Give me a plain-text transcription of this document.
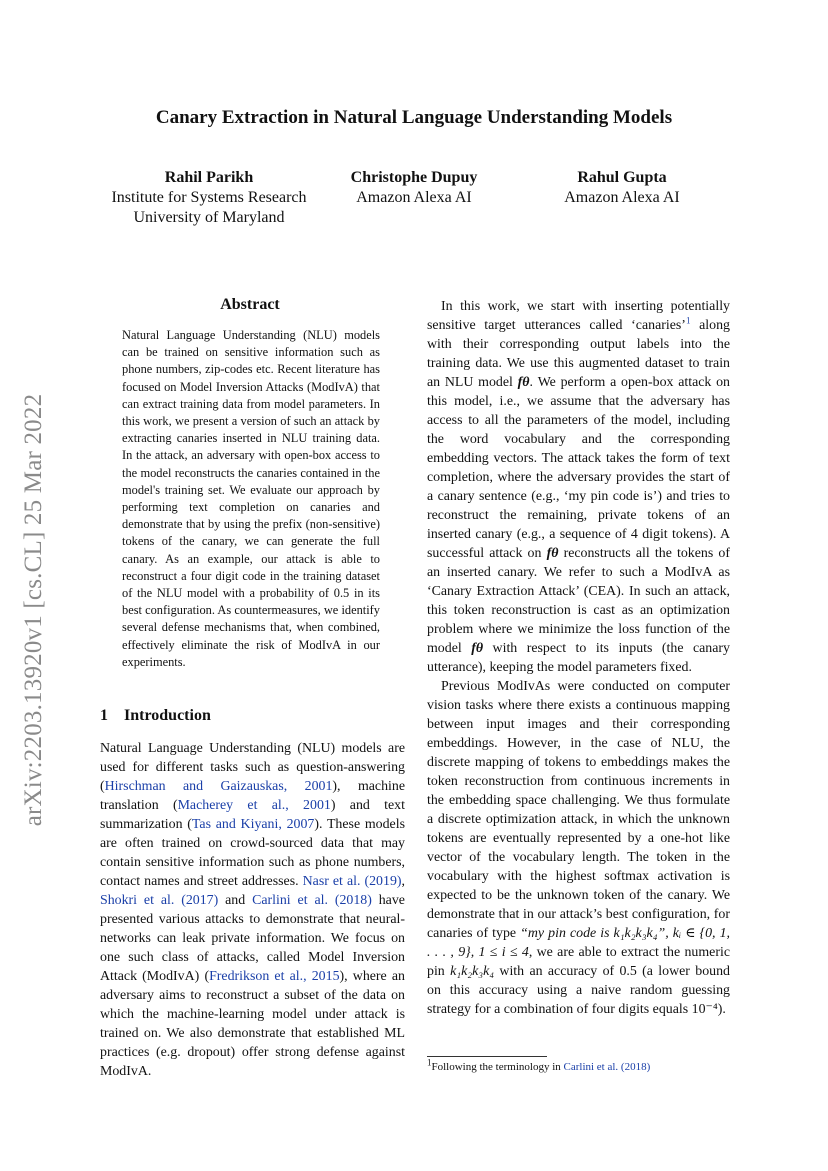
arXiv:2203.13920v1 [cs.CL] 25 Mar 2022
Canary Extraction in Natural Language Understanding Models
Rahil Parikh
Institute for Systems Research
University of Maryland
Christophe Dupuy
Amazon Alexa AI
Rahul Gupta
Amazon Alexa AI
Abstract
Natural Language Understanding (NLU) models can be trained on sensitive information such as phone numbers, zip-codes etc. Recent literature has focused on Model Inversion Attacks (ModIvA) that can extract training data from model parameters. In this work, we present a version of such an attack by extracting canaries inserted in NLU training data. In the attack, an adversary with open-box access to the model reconstructs the canaries contained in the model's training set. We evaluate our approach by performing text completion on canaries and demonstrate that by using the prefix (non-sensitive) tokens of the canary, we can generate the full canary. As an example, our attack is able to reconstruct a four digit code in the training dataset of the NLU model with a probability of 0.5 in its best configuration. As countermeasures, we identify several defense mechanisms that, when combined, effectively eliminate the risk of ModIvA in our experiments.
1 Introduction

Natural Language Understanding (NLU) models are used for different tasks such as question-answering (Hirschman and Gaizauskas, 2001), machine translation (Macherey et al., 2001) and text summarization (Tas and Kiyani, 2007). These models are often trained on crowd-sourced data that may contain sensitive information such as phone numbers, contact names and street addresses. Nasr et al. (2019), Shokri et al. (2017) and Carlini et al. (2018) have presented various attacks to demonstrate that neural-networks can leak private information. We focus on one such class of attacks, called Model Inversion Attack (ModIvA) (Fredrikson et al., 2015), where an adversary aims to reconstruct a subset of the data on which the machine-learning model under attack is trained on. We also demonstrate that established ML practices (e.g. dropout) offer strong defense against ModIvA.

In this work, we start with inserting potentially sensitive target utterances called ‘canaries’$^1$ along with their corresponding output labels into the training data. We use this augmented dataset to train an NLU model fθ. We perform a open-box attack on this model, i.e., we assume that the adversary has access to all the parameters of the model, including the word vocabulary and the corresponding embedding vectors. The attack takes the form of text completion, where the adversary provides the start of a canary sentence (e.g., ‘my pin code is’) and tries to reconstruct the remaining, private tokens of an inserted canary (e.g., a sequence of 4 digit tokens). A successful attack on fθ reconstructs all the tokens of an inserted canary. We refer to such a ModIvA as ‘Canary Extraction Attack’ (CEA). In such an attack, this token reconstruction is cast as an optimization problem where we minimize the loss function of the model fθ with respect to its inputs (the canary utterance), keeping the model parameters fixed.

Previous ModIvAs were conducted on computer vision tasks where there exists a continuous mapping between input images and their corresponding embeddings. However, in the case of NLU, the discrete mapping of tokens to embeddings makes the token reconstruction from continuous increments in the embedding space challenging. We thus formulate a discrete optimization attack, in which the unknown tokens are eventually represented by a one-hot like vector of the vocabulary length. The token in the vocabulary with the highest softmax activation is expected to be the unknown token of the canary. We demonstrate that in our attack’s best configuration, for canaries of type “my pin code is k₁k₂k₃k₄”, kᵢ ∈ {0, 1, . . . , 9}, 1 ≤ i ≤ 4, we are able to extract the numeric pin k₁k₂k₃k₄ with an accuracy of 0.5 (a lower bound on this accuracy using a naive random guessing strategy for a combination of four digits equals 10⁻⁴).

$^1$Following the terminology in Carlini et al. (2018)
